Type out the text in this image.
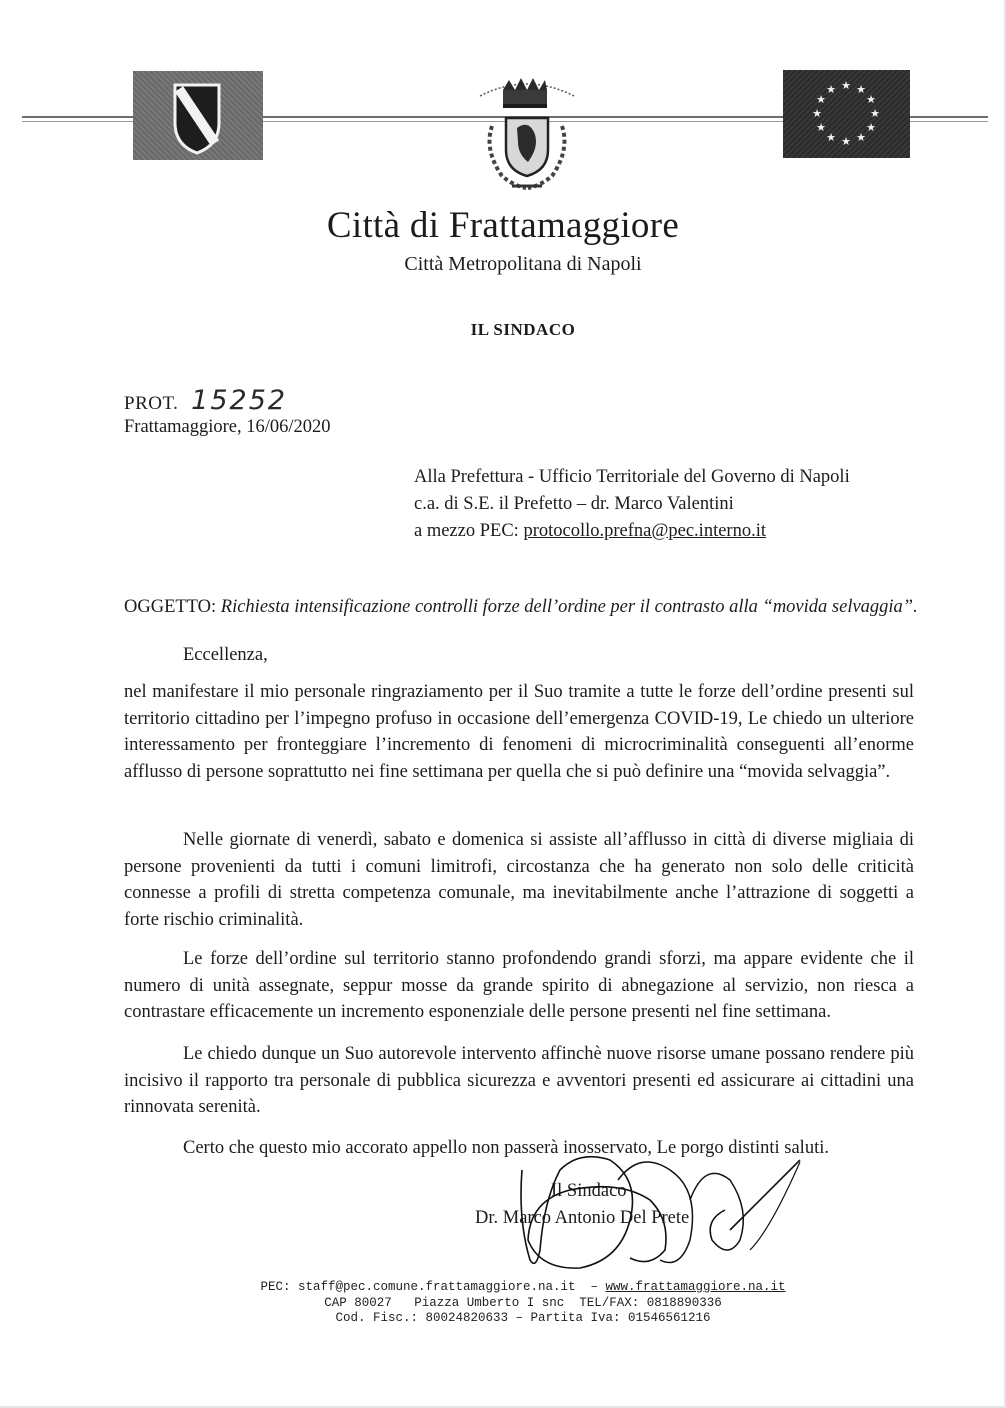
★ ★
★
★
★
★
★
★
★
★
★
★
Città di Frattamaggiore
Città Metropolitana di Napoli
IL SINDACO
PROT. 15252
Frattamaggiore, 16/06/2020
Alla Prefettura - Ufficio Territoriale del Governo di Napoli
c.a. di S.E. il Prefetto – dr. Marco Valentini
a mezzo PEC: protocollo.prefna@pec.interno.it
OGGETTO: Richiesta intensificazione controlli forze dell’ordine per il contrasto alla “movida selvaggia”.
Eccellenza,
nel manifestare il mio personale ringraziamento per il Suo tramite a tutte le forze dell’ordine presenti sul territorio cittadino per l’impegno profuso in occasione dell’emergenza COVID-19, Le chiedo un ulteriore interessamento per fronteggiare l’incremento di fenomeni di microcriminalità conseguenti all’enorme afflusso di persone soprattutto nei fine settimana per quella che si può definire una “movida selvaggia”.
Nelle giornate di venerdì, sabato e domenica si assiste all’afflusso in città di diverse migliaia di persone provenienti da tutti i comuni limitrofi, circostanza che ha generato non solo delle criticità connesse a profili di stretta competenza comunale, ma inevitabilmente anche l’attrazione di soggetti a forte rischio criminalità.
Le forze dell’ordine sul territorio stanno profondendo grandi sforzi, ma appare evidente che il numero di unità assegnate, seppur mosse da grande spirito di abnegazione al servizio, non riesca a contrastare efficacemente un incremento esponenziale delle persone presenti nel fine settimana.
Le chiedo dunque un Suo autorevole intervento affinchè nuove risorse umane possano rendere più incisivo il rapporto tra personale di pubblica sicurezza e avventori presenti ed assicurare ai cittadini una rinnovata serenità.
Certo che questo mio accorato appello non passerà inosservato, Le porgo distinti saluti.
Il Sindaco
Dr. Marco Antonio Del Prete
PEC: staff@pec.comune.frattamaggiore.na.it  – www.frattamaggiore.na.it
CAP 80027   Piazza Umberto I snc  TEL/FAX: 0818890336
Cod. Fisc.: 80024820633 – Partita Iva: 01546561216
